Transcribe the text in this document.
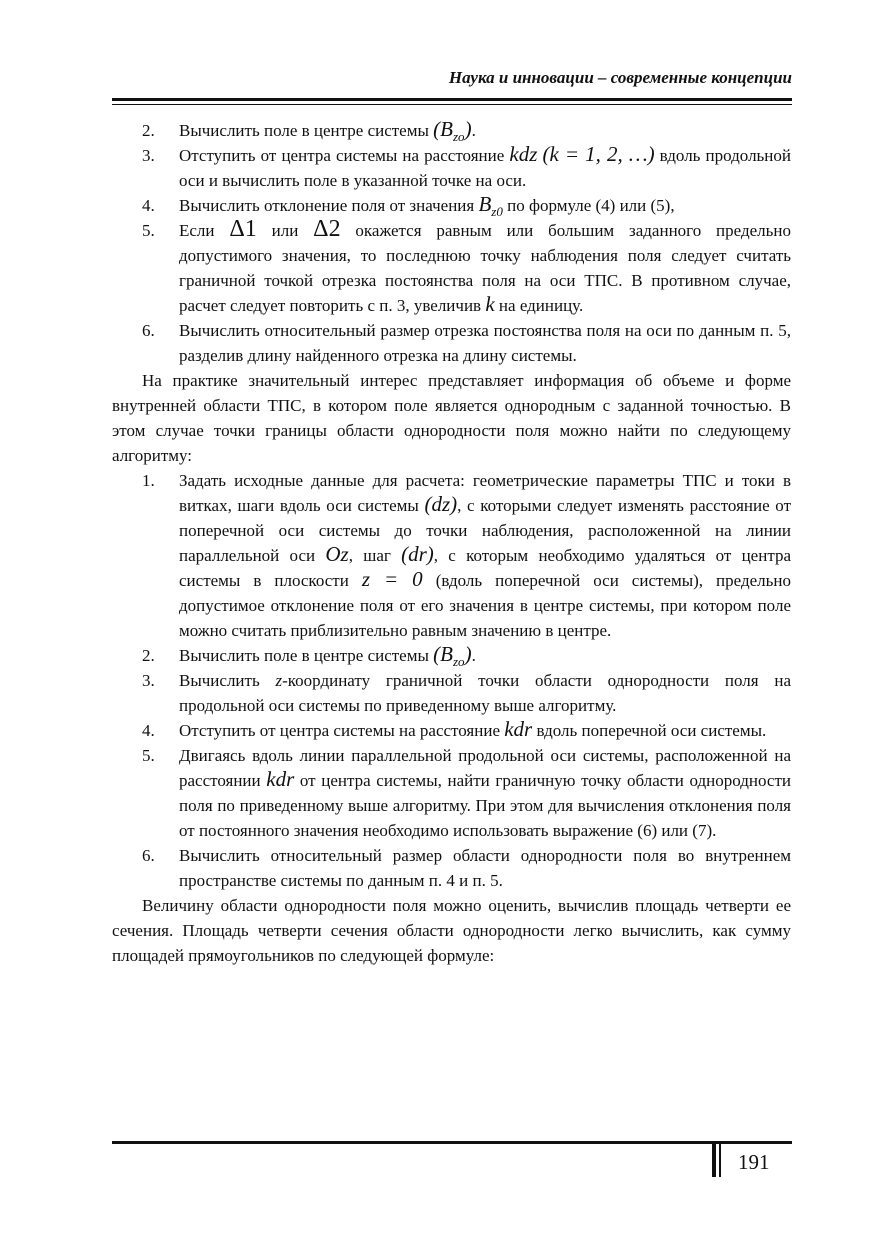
Наука и инновации – современные концепции
2. Вычислить поле в центре системы $(B_{zo})$.
3. Отступить от центра системы на расстояние kdz (k = 1, 2, …) вдоль продольной оси и вычислить поле в указанной точке на оси.
4. Вычислить отклонение поля от значения $B_{z0}$ по формуле (4) или (5),
5. Если Δ1 или Δ2 окажется равным или большим заданного предельно допустимого значения, то последнюю точку наблюдения поля следует считать граничной точкой отрезка постоянства поля на оси ТПС. В противном случае, расчет следует повторить с п. 3, увеличив k на единицу.
6. Вычислить относительный размер отрезка постоянства поля на оси по данным п. 5, разделив длину найденного отрезка на длину системы.
На практике значительный интерес представляет информация об объеме и форме внутренней области ТПС, в котором поле является однородным с заданной точностью. В этом случае точки границы области однородности поля можно найти по следующему алгоритму:
1. Задать исходные данные для расчета: геометрические параметры ТПС и токи в витках, шаги вдоль оси системы (dz), с которыми следует изменять расстояние от поперечной оси системы до точки наблюдения, расположенной на линии параллельной оси Oz, шаг (dr), с которым необходимо удаляться от центра системы в плоскости z = 0 (вдоль поперечной оси системы), предельно допустимое отклонение поля от его значения в центре системы, при котором поле можно считать приблизительно равным значению в центре.
2. Вычислить поле в центре системы $(B_{zo})$.
3. Вычислить z-координату граничной точки области однородности поля на продольной оси системы по приведенному выше алгоритму.
4. Отступить от центра системы на расстояние kdr вдоль поперечной оси системы.
5. Двигаясь вдоль линии параллельной продольной оси системы, расположенной на расстоянии kdr от центра системы, найти граничную точку области однородности поля по приведенному выше алгоритму. При этом для вычисления отклонения поля от постоянного значения необходимо использовать выражение (6) или (7).
6. Вычислить относительный размер области однородности поля во внутреннем пространстве системы по данным п. 4 и п. 5.
Величину области однородности поля можно оценить, вычислив площадь четверти ее сечения. Площадь четверти сечения области однородности легко вычислить, как сумму площадей прямоугольников по следующей формуле:
191
